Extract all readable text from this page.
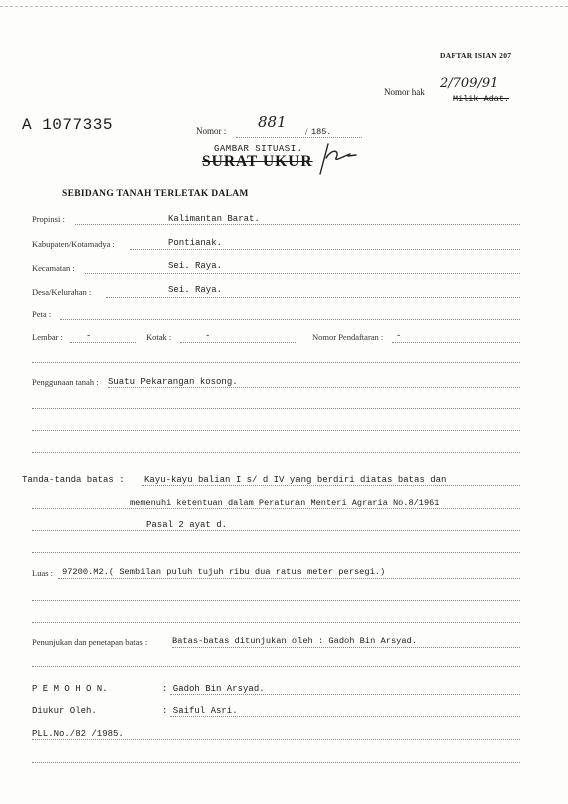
DAFTAR ISIAN 207
Nomor hak
2/709/91
Milik Adat.
A 1077335	Nomor : 881
/ 185.
GAMBAR SITUASI.
SURAT UKUR
SEBIDANG TANAH TERLETAK DALAM
Propinsi :	Kalimantan Barat.
Kabupaten/Kotamadya :	Pontianak.
Kecamatan :	Sei. Raya.
Desa/Kelurahan :	Sei. Raya.
Peta :
Lembar :	-	Kotak :	-	Nomor Pendaftaran : -
Penggunaan tanah : Suatu Pekarangan kosong.
Tanda-tanda batas : Kayu-kayu balian I s/ d IV yang berdiri diatas batas dan
memenuhi ketentuan dalam Peraturan Menteri Agraria No.8/1961
Pasal 2 ayat d.
Luas : 97200.M2.( Sembilan puluh tujuh ribu dua ratus meter persegi.)
Penunjukan dan penetapan batas :	Batas-batas ditunjukan oleh : Gadoh Bin Arsyad.
P E M O H O N.	: Gadoh Bin Arsyad.
Diukur Oleh.	: Saiful Asri.
PLL.No./82 /1985.
